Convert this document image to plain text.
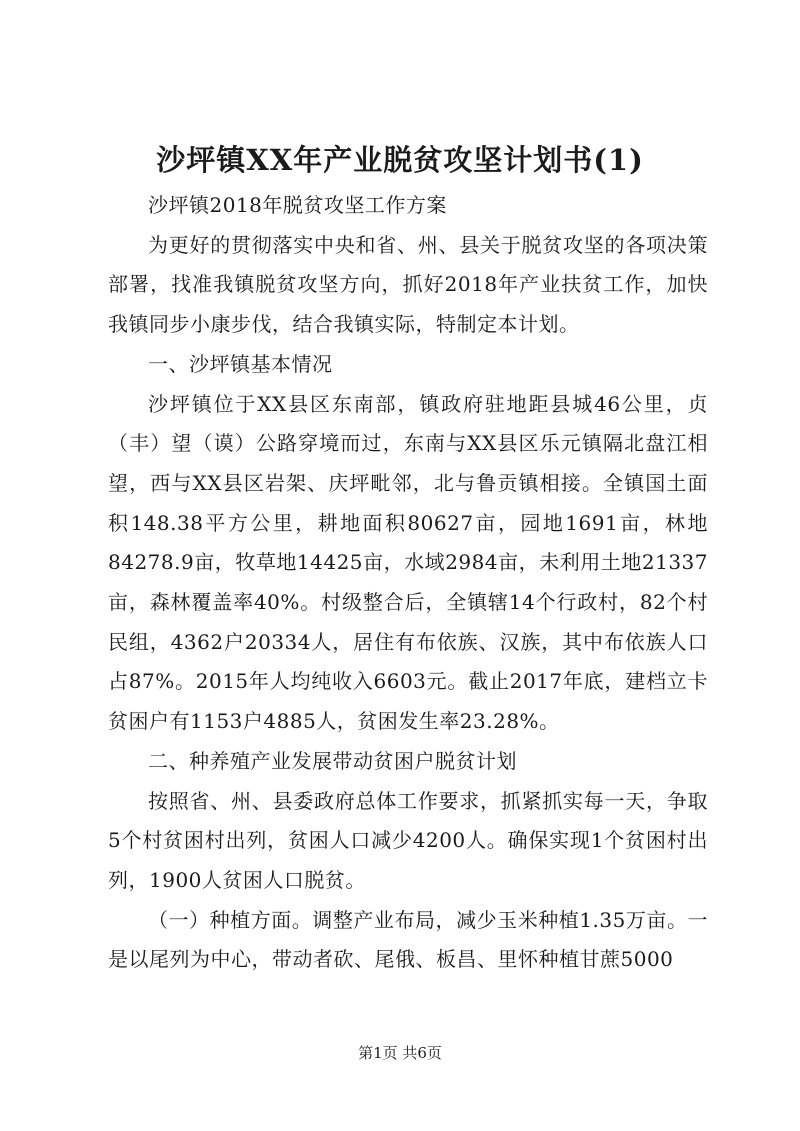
沙坪镇XX年产业脱贫攻坚计划书(1)

沙坪镇2018年脱贫攻坚工作方案

为更好的贯彻落实中央和省、州、县关于脱贫攻坚的各项决策部署，找准我镇脱贫攻坚方向，抓好2018年产业扶贫工作，加快我镇同步小康步伐，结合我镇实际，特制定本计划。

一、沙坪镇基本情况

沙坪镇位于XX县区东南部，镇政府驻地距县城46公里，贞（丰）望（谟）公路穿境而过，东南与XX县区乐元镇隔北盘江相望，西与XX县区岩架、庆坪毗邻，北与鲁贡镇相接。全镇国土面积148.38平方公里，耕地面积80627亩，园地1691亩，林地84278.9亩，牧草地14425亩，水域2984亩，未利用土地21337亩，森林覆盖率40%。村级整合后，全镇辖14个行政村，82个村民组，4362户20334人，居住有布依族、汉族，其中布依族人口占87%。2015年人均纯收入6603元。截止2017年底，建档立卡贫困户有1153户4885人，贫困发生率23.28%。

二、种养殖产业发展带动贫困户脱贫计划

按照省、州、县委政府总体工作要求，抓紧抓实每一天，争取5个村贫困村出列，贫困人口减少4200人。确保实现1个贫困村出列，1900人贫困人口脱贫。

（一）种植方面。调整产业布局，减少玉米种植1.35万亩。一是以尾列为中心，带动者砍、尾俄、板昌、里怀种植甘蔗5000

第1页 共6页
